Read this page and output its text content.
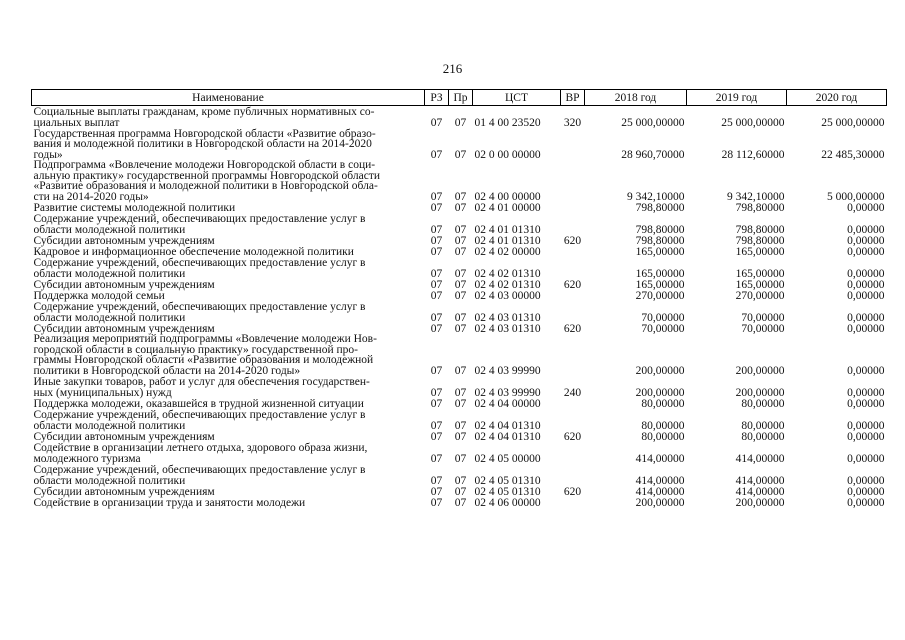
216
Наименование	РЗ	Пр	ЦСТ	ВР	2018 год	2019 год	2020 год
Социальные выплаты гражданам, кроме публичных нормативных со-
циальных выплат	07	07	01 4 00 23520	320	25 000,00000	25 000,00000	25 000,00000
Государственная программа Новгородской области «Развитие образо-
вания и молодежной политики в Новгородской области на 2014-2020
годы»	07	07	02 0 00 00000		28 960,70000	28 112,60000	22 485,30000
Подпрограмма «Вовлечение молодежи Новгородской области в соци-
альную практику» государственной программы Новгородской области
«Развитие образования и молодежной политики в Новгородской обла-
сти на 2014-2020 годы»	07	07	02 4 00 00000		9 342,10000	9 342,10000	5 000,00000
Развитие системы молодежной политики	07	07	02 4 01 00000		798,80000	798,80000	0,00000
Содержание учреждений, обеспечивающих предоставление услуг в
области молодежной политики	07	07	02 4 01 01310		798,80000	798,80000	0,00000
Субсидии автономным учреждениям	07	07	02 4 01 01310	620	798,80000	798,80000	0,00000
Кадровое и информационное обеспечение молодежной политики	07	07	02 4 02 00000		165,00000	165,00000	0,00000
Содержание учреждений, обеспечивающих предоставление услуг в
области молодежной политики	07	07	02 4 02 01310		165,00000	165,00000	0,00000
Субсидии автономным учреждениям	07	07	02 4 02 01310	620	165,00000	165,00000	0,00000
Поддержка молодой семьи	07	07	02 4 03 00000		270,00000	270,00000	0,00000
Содержание учреждений, обеспечивающих предоставление услуг в
области молодежной политики	07	07	02 4 03 01310		70,00000	70,00000	0,00000
Субсидии автономным учреждениям	07	07	02 4 03 01310	620	70,00000	70,00000	0,00000
Реализация мероприятий подпрограммы «Вовлечение молодежи Нов-
городской области в социальную практику» государственной про-
граммы Новгородской области «Развитие образования и молодежной
политики в Новгородской области на 2014-2020 годы»	07	07	02 4 03 99990		200,00000	200,00000	0,00000
Иные закупки товаров, работ и услуг для обеспечения государствен-
ных (муниципальных) нужд	07	07	02 4 03 99990	240	200,00000	200,00000	0,00000
Поддержка молодежи, оказавшейся в трудной жизненной ситуации	07	07	02 4 04 00000		80,00000	80,00000	0,00000
Содержание учреждений, обеспечивающих предоставление услуг в
области молодежной политики	07	07	02 4 04 01310		80,00000	80,00000	0,00000
Субсидии автономным учреждениям	07	07	02 4 04 01310	620	80,00000	80,00000	0,00000
Содействие в организации летнего отдыха, здорового образа жизни,
молодежного туризма	07	07	02 4 05 00000		414,00000	414,00000	0,00000
Содержание учреждений, обеспечивающих предоставление услуг в
области молодежной политики	07	07	02 4 05 01310		414,00000	414,00000	0,00000
Субсидии автономным учреждениям	07	07	02 4 05 01310	620	414,00000	414,00000	0,00000
Содействие в организации труда и занятости молодежи	07	07	02 4 06 00000		200,00000	200,00000	0,00000
